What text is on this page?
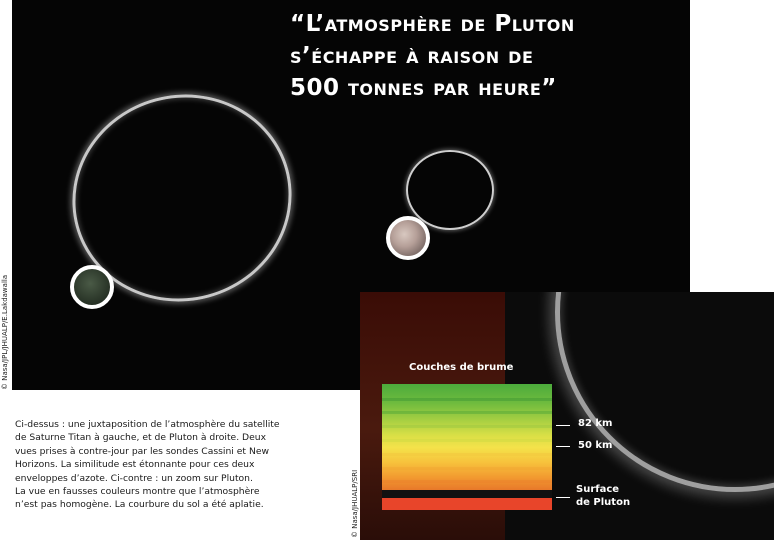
“L’atmosphère de Pluton
s’échappe à raison de
500 tonnes par heure”

© Nasa/JPL/JHUALP/E.Lakdawalla	Couches de brume
82 km
50 km
Surface
de Pluton
© Nasa/JHUALP/SRI

Ci-dessus : une juxtaposition de l’atmosphère du satellite
de Saturne Titan à gauche, et de Pluton à droite. Deux
vues prises à contre-jour par les sondes Cassini et New
Horizons. La similitude est étonnante pour ces deux
enveloppes d’azote. Ci-contre : un zoom sur Pluton.
La vue en fausses couleurs montre que l’atmosphère
n’est pas homogène. La courbure du sol a été aplatie.
